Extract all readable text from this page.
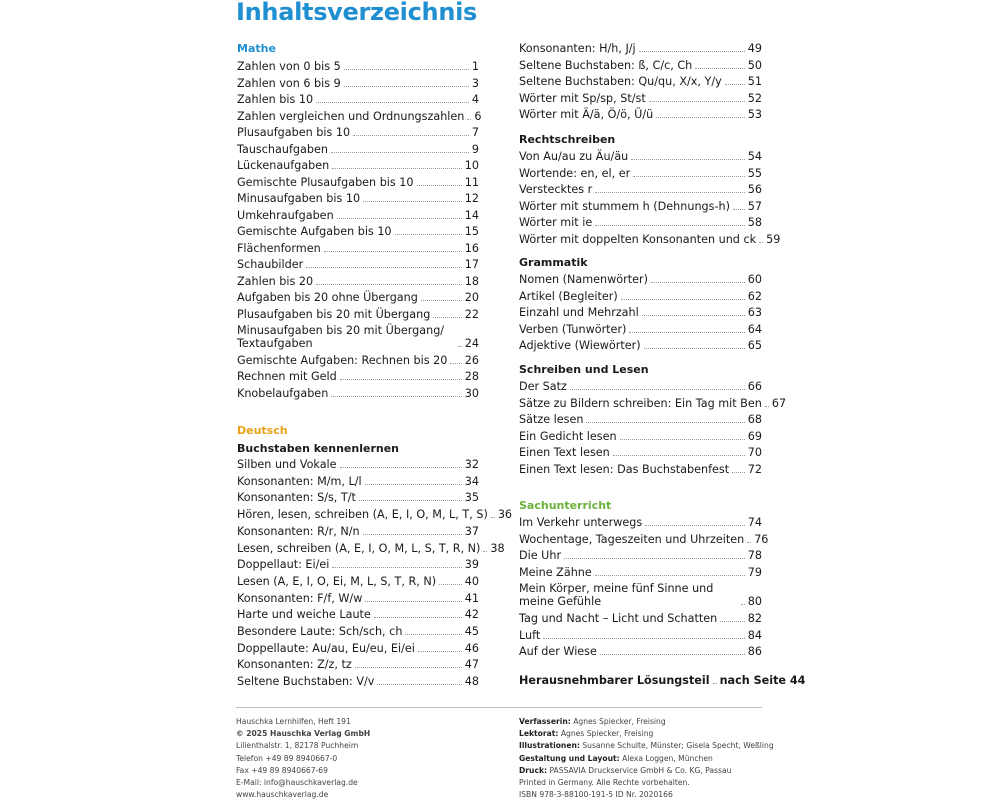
Inhaltsverzeichnis
Mathe
Zahlen von 0 bis 5	1
Zahlen von 6 bis 9	3
Zahlen bis 10	4
Zahlen vergleichen und Ordnungszahlen 6
Plusaufgaben bis 10	7
Tauschaufgaben	9
Lückenaufgaben	10
Gemischte Plusaufgaben bis 10	11
Minusaufgaben bis 10	12
Umkehraufgaben	14
Gemischte Aufgaben bis 10	15
Flächenformen	16
Schaubilder	17
Zahlen bis 20	18
Aufgaben bis 20 ohne Übergang	20
Plusaufgaben bis 20 mit Übergang	22
Minusaufgaben bis 20 mit Übergang/ Textaufgaben	24
Gemischte Aufgaben: Rechnen bis 20 26
Rechnen mit Geld	28
Knobelaufgaben	30
Deutsch
Buchstaben kennenlernen
Silben und Vokale	32
Konsonanten: M/m, L/l	34
Konsonanten: S/s, T/t	35
Hören, lesen, schreiben (A, E, I, O, M, L, T, S) 36
Konsonanten: R/r, N/n	37
Lesen, schreiben (A, E, I, O, M, L, S, T, R, N) 38
Doppellaut: Ei/ei	39
Lesen (A, E, I, O, Ei, M, L, S, T, R, N)	40
Konsonanten: F/f, W/w	41
Harte und weiche Laute	42
Besondere Laute: Sch/sch, ch	45
Doppellaute: Au/au, Eu/eu, Ei/ei	46
Konsonanten: Z/z, tz	47
Seltene Buchstaben: V/v	48
Konsonanten: H/h, J/j	49
Seltene Buchstaben: ß, C/c, Ch	50
Seltene Buchstaben: Qu/qu, X/x, Y/y 51
Wörter mit Sp/sp, St/st	52
Wörter mit Ä/ä, Ö/ö, Ü/ü	53
Rechtschreiben
Von Au/au zu Äu/äu	54
Wortende: en, el, er	55
Verstecktes r	56
Wörter mit stummem h (Dehnungs-h) 57
Wörter mit ie	58
Wörter mit doppelten Konsonanten und ck 59
Grammatik
Nomen (Namenwörter)	60
Artikel (Begleiter)	62
Einzahl und Mehrzahl	63
Verben (Tunwörter)	64
Adjektive (Wiewörter)	65
Schreiben und Lesen
Der Satz	66
Sätze zu Bildern schreiben: Ein Tag mit Ben 67
Sätze lesen	68
Ein Gedicht lesen	69
Einen Text lesen	70
Einen Text lesen: Das Buchstabenfest 72
Sachunterricht
Im Verkehr unterwegs	74
Wochentage, Tageszeiten und Uhrzeiten 76
Die Uhr	78
Meine Zähne	79
Mein Körper, meine fünf Sinne und meine Gefühle	80
Tag und Nacht – Licht und Schatten	82
Luft	84
Auf der Wiese	86
Herausnehmbarer Lösungsteil nach Seite 44
Hauschka Lernhilfen, Heft 191
© 2025 Hauschka Verlag GmbH
Lilienthalstr. 1, 82178 Puchheim
Telefon +49 89 8940667-0
Fax +49 89 8940667-69
E-Mail: info@hauschkaverlag.de
www.hauschkaverlag.de
Verfasserin: Agnes Spiecker, Freising
Lektorat: Agnes Spiecker, Freising
Illustrationen: Susanne Schulte, Münster; Gisela Specht, Weßling
Gestaltung und Layout: Alexa Loggen, München
Druck: PASSAVIA Druckservice GmbH & Co. KG, Passau
Printed in Germany. Alle Rechte vorbehalten.
ISBN 978-3-88100-191-5 ID Nr. 2020166
